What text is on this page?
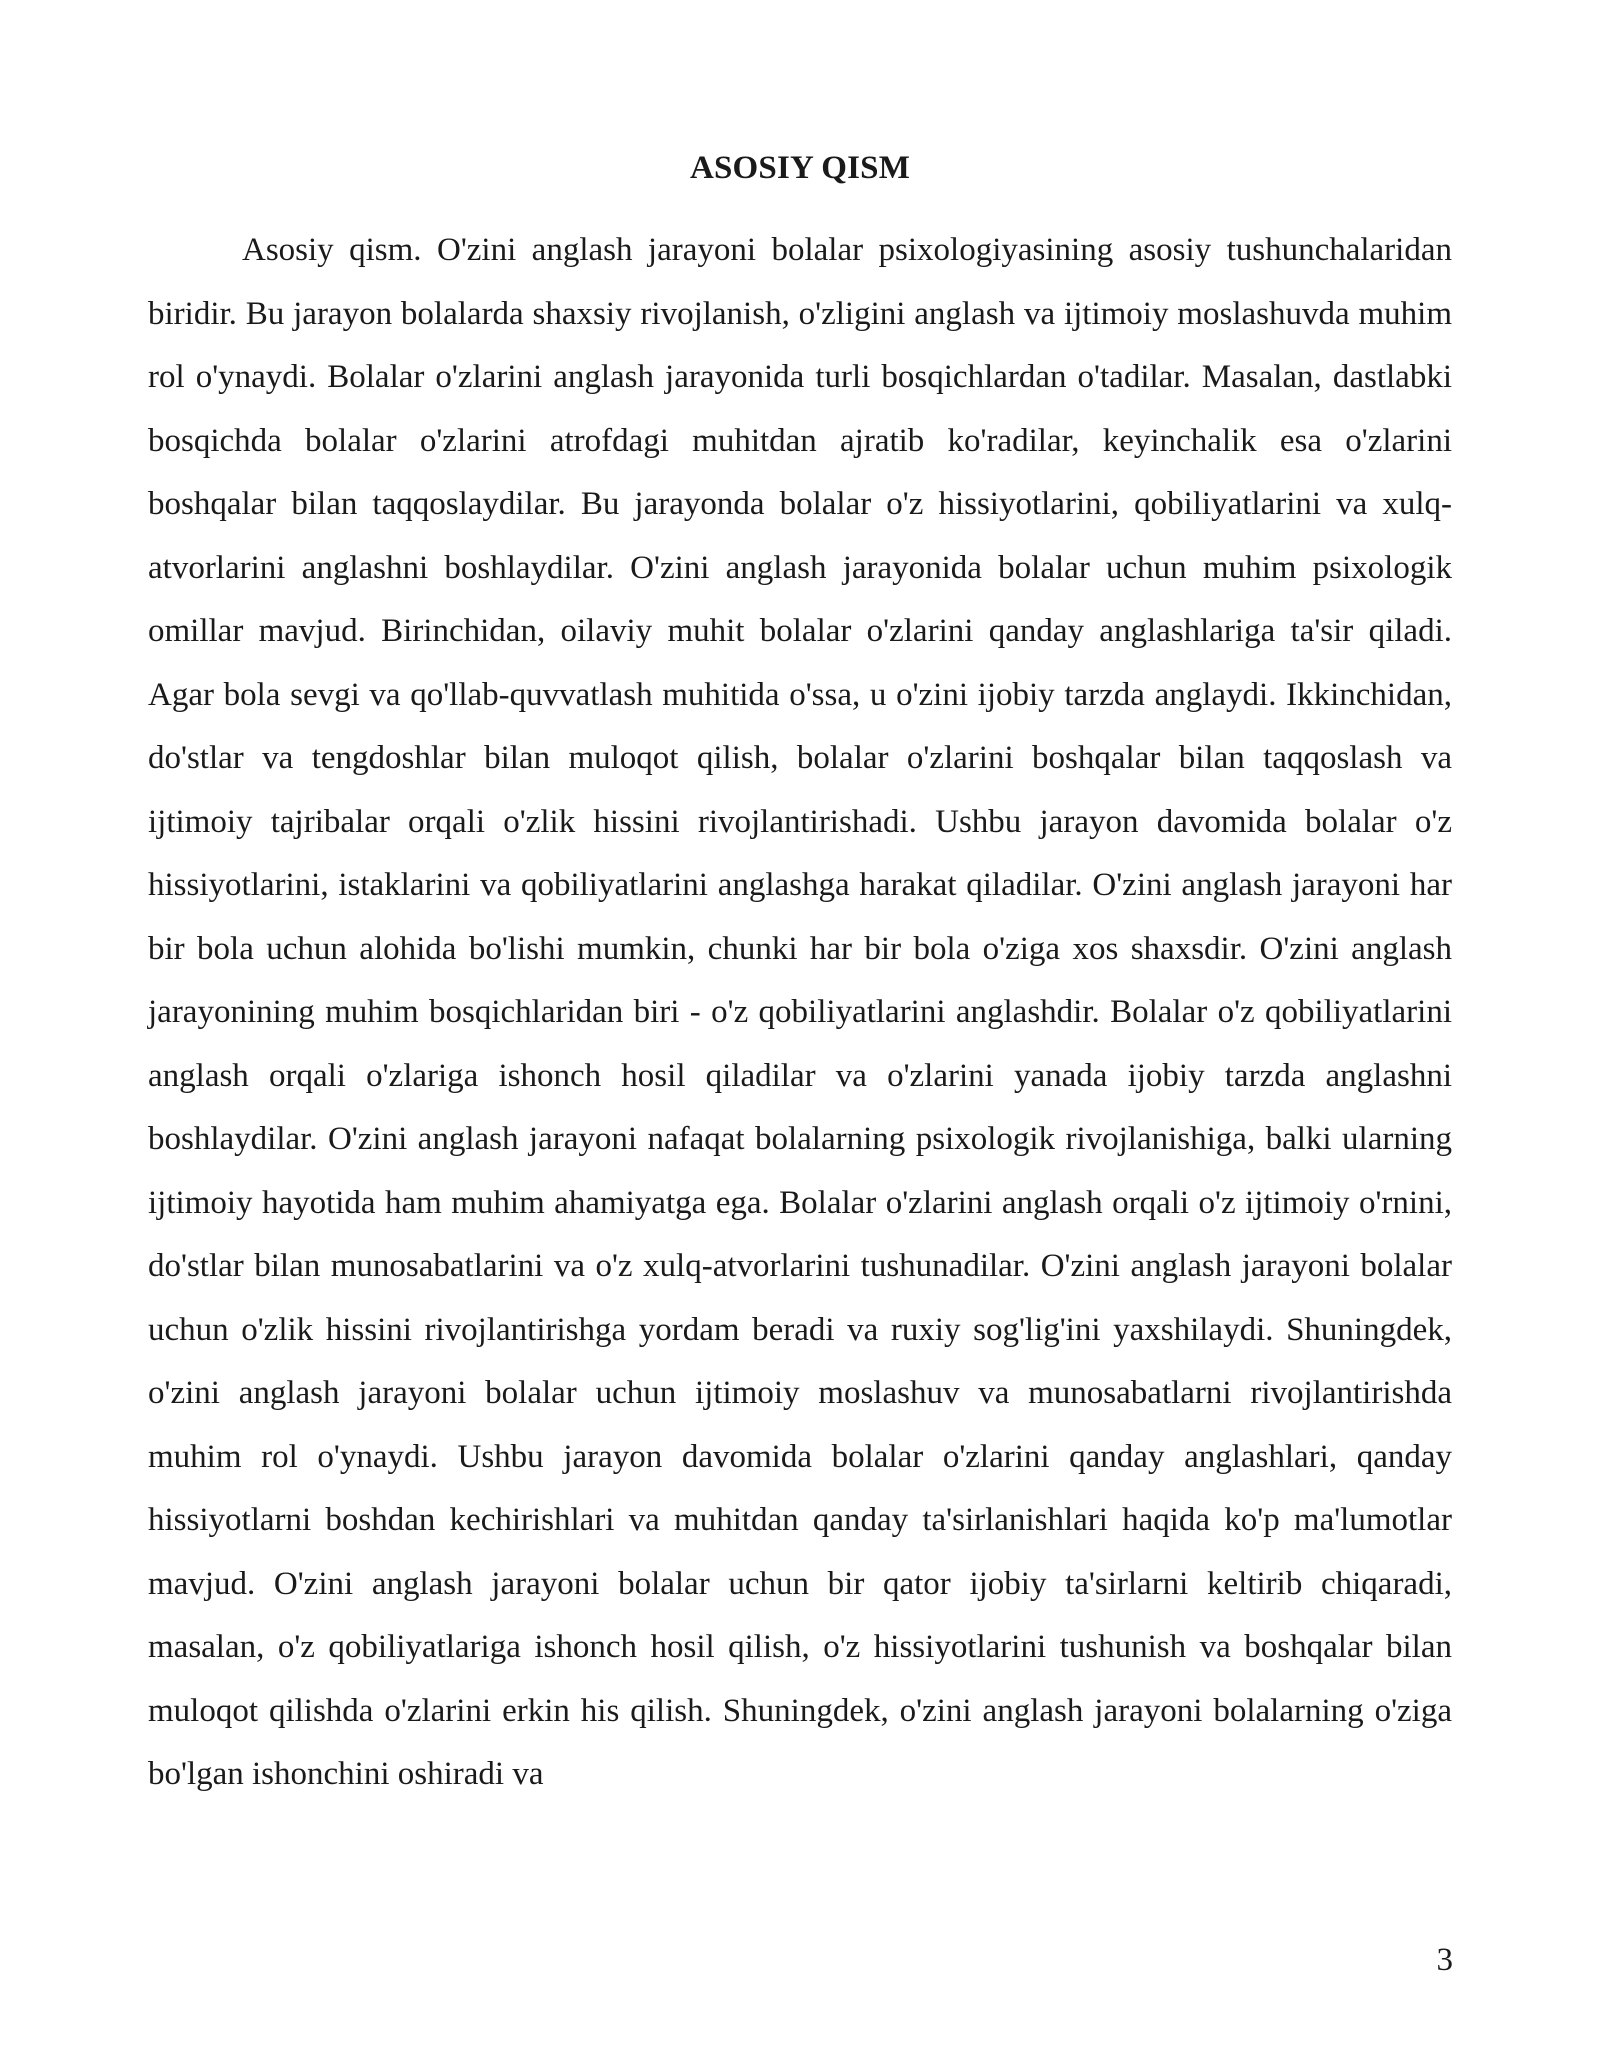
ASOSIY QISM

Asosiy qism. O'zini anglash jarayoni bolalar psixologiyasining asosiy tushunchalaridan biridir. Bu jarayon bolalarda shaxsiy rivojlanish, o'zligini anglash va ijtimoiy moslashuvda muhim rol o'ynaydi. Bolalar o'zlarini anglash jarayonida turli bosqichlardan o'tadilar. Masalan, dastlabki bosqichda bolalar o'zlarini atrofdagi muhitdan ajratib ko'radilar, keyinchalik esa o'zlarini boshqalar bilan taqqoslaydilar. Bu jarayonda bolalar o'z hissiyotlarini, qobiliyatlarini va xulq-atvorlarini anglashni boshlaydilar. O'zini anglash jarayonida bolalar uchun muhim psixologik omillar mavjud. Birinchidan, oilaviy muhit bolalar o'zlarini qanday anglashlariga ta'sir qiladi. Agar bola sevgi va qo'llab-quvvatlash muhitida o'ssa, u o'zini ijobiy tarzda anglaydi. Ikkinchidan, do'stlar va tengdoshlar bilan muloqot qilish, bolalar o'zlarini boshqalar bilan taqqoslash va ijtimoiy tajribalar orqali o'zlik hissini rivojlantirishadi. Ushbu jarayon davomida bolalar o'z hissiyotlarini, istaklarini va qobiliyatlarini anglashga harakat qiladilar. O'zini anglash jarayoni har bir bola uchun alohida bo'lishi mumkin, chunki har bir bola o'ziga xos shaxsdir. O'zini anglash jarayonining muhim bosqichlaridan biri - o'z qobiliyatlarini anglashdir. Bolalar o'z qobiliyatlarini anglash orqali o'zlariga ishonch hosil qiladilar va o'zlarini yanada ijobiy tarzda anglashni boshlaydilar. O'zini anglash jarayoni nafaqat bolalarning psixologik rivojlanishiga, balki ularning ijtimoiy hayotida ham muhim ahamiyatga ega. Bolalar o'zlarini anglash orqali o'z ijtimoiy o'rnini, do'stlar bilan munosabatlarini va o'z xulq-atvorlarini tushunadilar. O'zini anglash jarayoni bolalar uchun o'zlik hissini rivojlantirishga yordam beradi va ruxiy sog'lig'ini yaxshilaydi. Shuningdek, o'zini anglash jarayoni bolalar uchun ijtimoiy moslashuv va munosabatlarni rivojlantirishda muhim rol o'ynaydi. Ushbu jarayon davomida bolalar o'zlarini qanday anglashlari, qanday hissiyotlarni boshdan kechirishlari va muhitdan qanday ta'sirlanishlari haqida ko'p ma'lumotlar mavjud. O'zini anglash jarayoni bolalar uchun bir qator ijobiy ta'sirlarni keltirib chiqaradi, masalan, o'z qobiliyatlariga ishonch hosil qilish, o'z hissiyotlarini tushunish va boshqalar bilan muloqot qilishda o'zlarini erkin his qilish. Shuningdek, o'zini anglash jarayoni bolalarning o'ziga bo'lgan ishonchini oshiradi va

3
